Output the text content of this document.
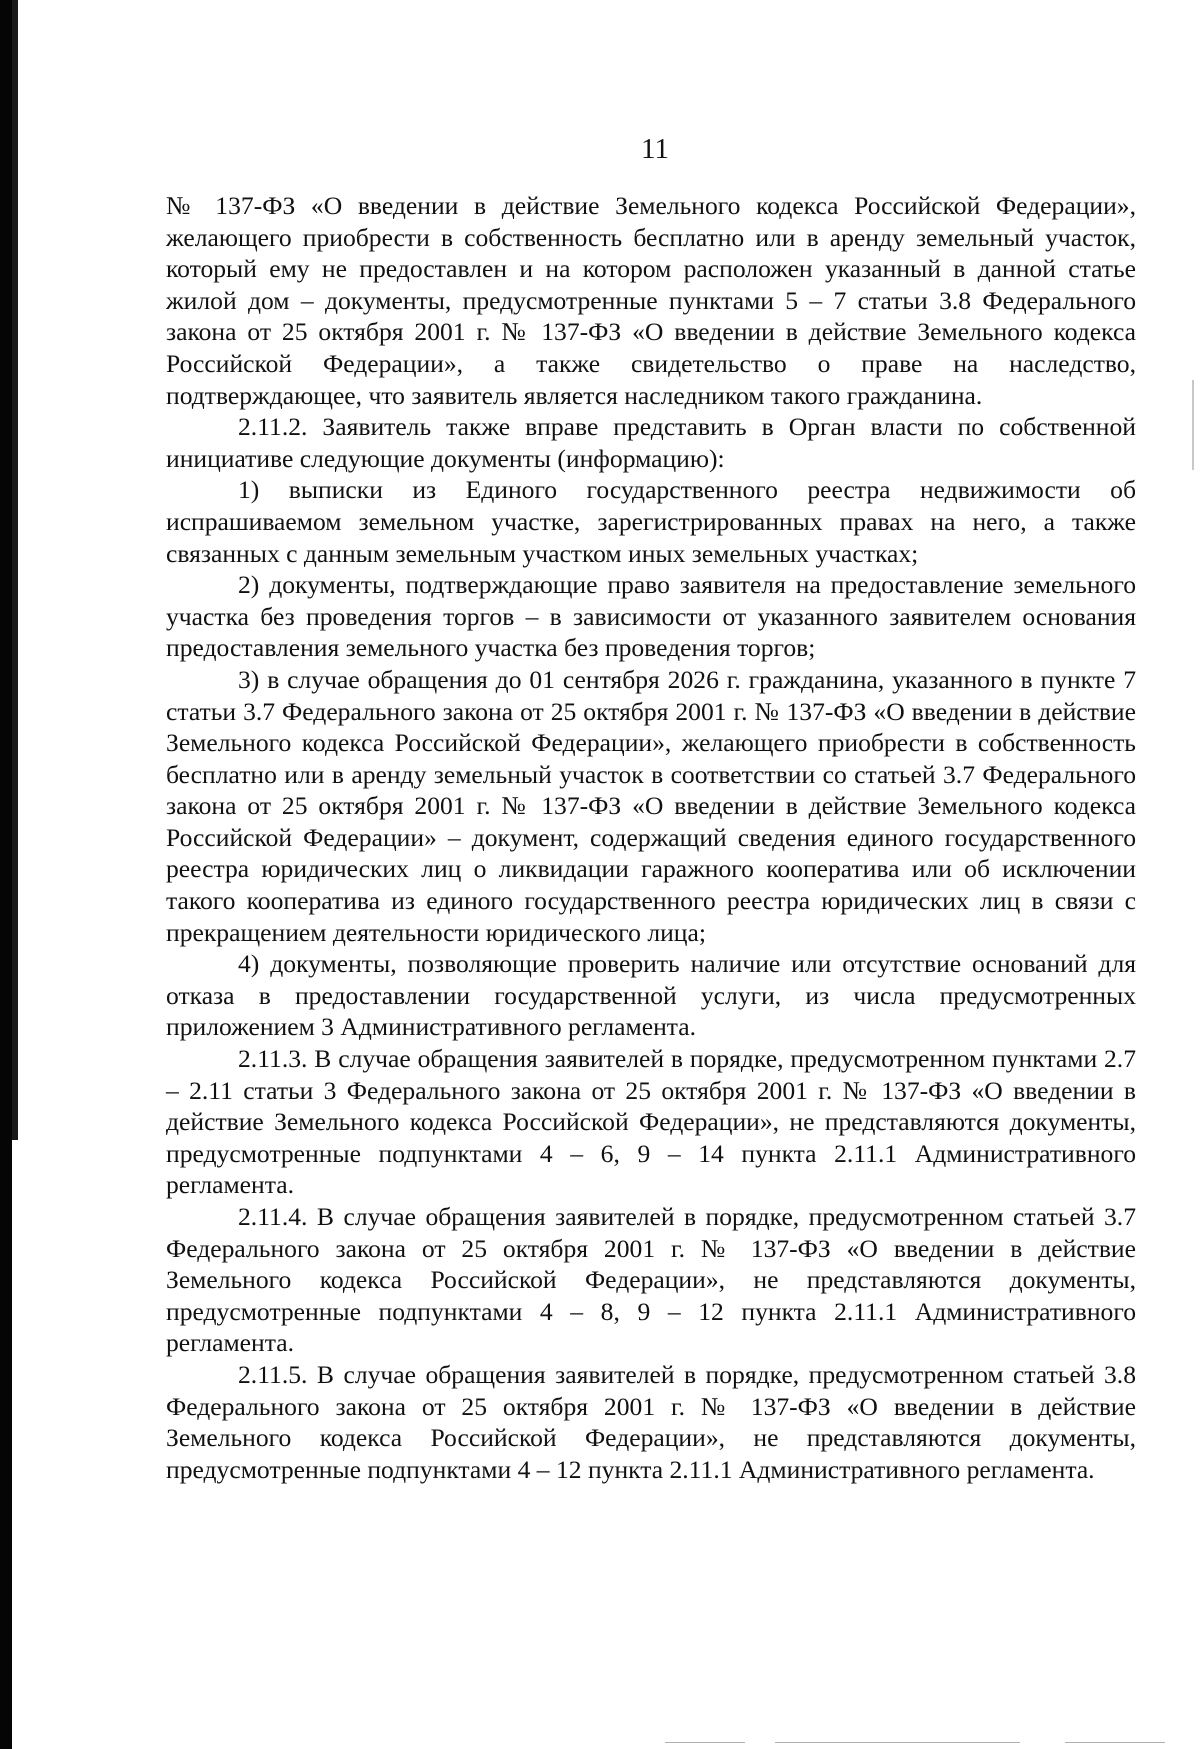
11

№ 137-ФЗ «О введении в действие Земельного кодекса Российской Федерации», желающего приобрести в собственность бесплатно или в аренду земельный участок, который ему не предоставлен и на котором расположен указанный в данной статье жилой дом – документы, предусмотренные пунктами 5 – 7 статьи 3.8 Федерального закона от 25 октября 2001 г. № 137-ФЗ «О введении в действие Земельного кодекса Российской Федерации», а также свидетельство о праве на наследство, подтверждающее, что заявитель является наследником такого гражданина.

2.11.2. Заявитель также вправе представить в Орган власти по собственной инициативе следующие документы (информацию):

1) выписки из Единого государственного реестра недвижимости об испрашиваемом земельном участке, зарегистрированных правах на него, а также связанных с данным земельным участком иных земельных участках;

2) документы, подтверждающие право заявителя на предоставление земельного участка без проведения торгов – в зависимости от указанного заявителем основания предоставления земельного участка без проведения торгов;

3) в случае обращения до 01 сентября 2026 г. гражданина, указанного в пункте 7 статьи 3.7 Федерального закона от 25 октября 2001 г. № 137-ФЗ «О введении в действие Земельного кодекса Российской Федерации», желающего приобрести в собственность бесплатно или в аренду земельный участок в соответствии со статьей 3.7 Федерального закона от 25 октября 2001 г. № 137-ФЗ «О введении в действие Земельного кодекса Российской Федерации» – документ, содержащий сведения единого государственного реестра юридических лиц о ликвидации гаражного кооператива или об исключении такого кооператива из единого государственного реестра юридических лиц в связи с прекращением деятельности юридического лица;

4) документы, позволяющие проверить наличие или отсутствие оснований для отказа в предоставлении государственной услуги, из числа предусмотренных приложением 3 Административного регламента.

2.11.3. В случае обращения заявителей в порядке, предусмотренном пунктами 2.7 – 2.11 статьи 3 Федерального закона от 25 октября 2001 г. № 137-ФЗ «О введении в действие Земельного кодекса Российской Федерации», не представляются документы, предусмотренные подпунктами 4 – 6, 9 – 14 пункта 2.11.1 Административного регламента.

2.11.4. В случае обращения заявителей в порядке, предусмотренном статьей 3.7 Федерального закона от 25 октября 2001 г. № 137-ФЗ «О введении в действие Земельного кодекса Российской Федерации», не представляются документы, предусмотренные подпунктами 4 – 8, 9 – 12 пункта 2.11.1 Административного регламента.

2.11.5. В случае обращения заявителей в порядке, предусмотренном статьей 3.8 Федерального закона от 25 октября 2001 г. № 137-ФЗ «О введении в действие Земельного кодекса Российской Федерации», не представляются документы, предусмотренные подпунктами 4 – 12 пункта 2.11.1 Административного регламента.
